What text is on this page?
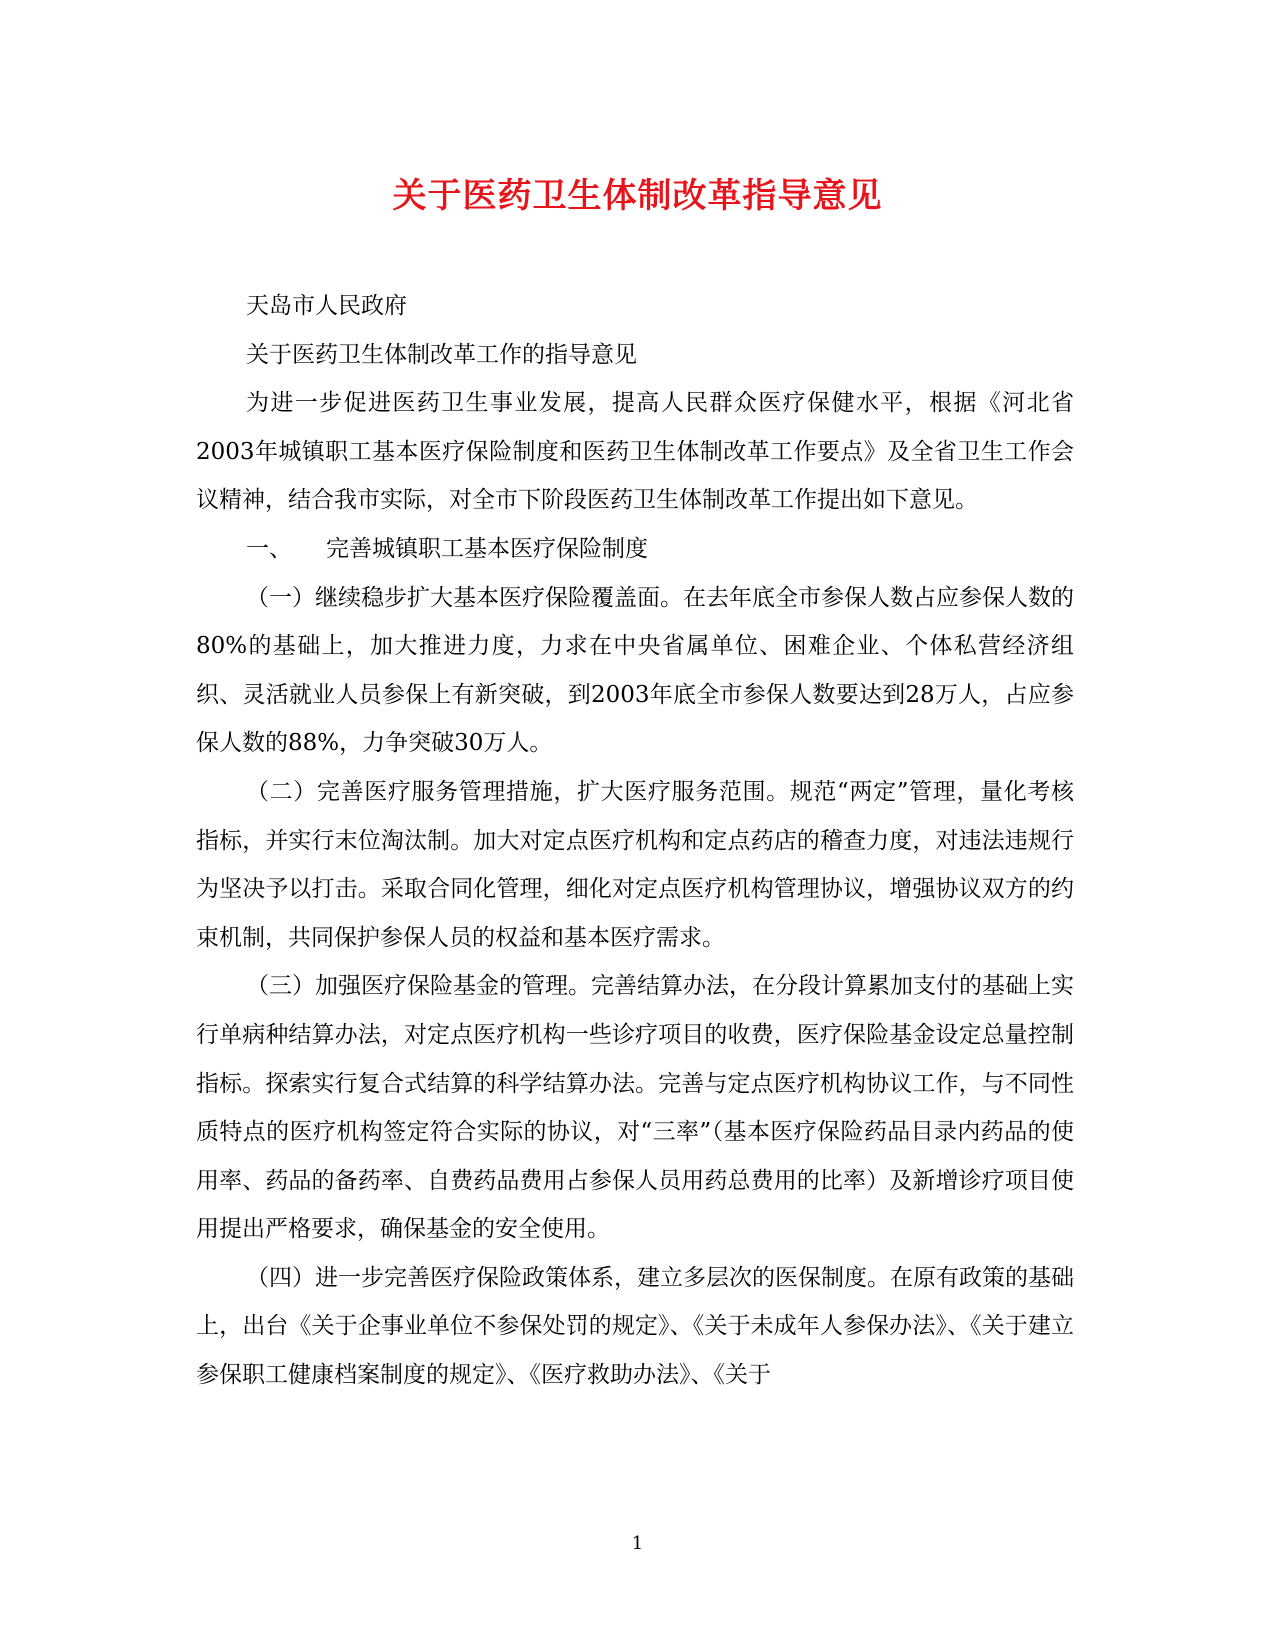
关于医药卫生体制改革指导意见

天岛市人民政府

关于医药卫生体制改革工作的指导意见

为进一步促进医药卫生事业发展，提高人民群众医疗保健水平，根据《河北省2003年城镇职工基本医疗保险制度和医药卫生体制改革工作要点》及全省卫生工作会议精神，结合我市实际，对全市下阶段医药卫生体制改革工作提出如下意见。

一、 完善城镇职工基本医疗保险制度

（一）继续稳步扩大基本医疗保险覆盖面。在去年底全市参保人数占应参保人数的80%的基础上，加大推进力度，力求在中央省属单位、困难企业、个体私营经济组织、灵活就业人员参保上有新突破，到2003年底全市参保人数要达到28万人，占应参保人数的88%，力争突破30万人。

（二）完善医疗服务管理措施，扩大医疗服务范围。规范“两定”管理，量化考核指标，并实行末位淘汰制。加大对定点医疗机构和定点药店的稽查力度，对违法违规行为坚决予以打击。采取合同化管理，细化对定点医疗机构管理协议，增强协议双方的约束机制，共同保护参保人员的权益和基本医疗需求。

（三）加强医疗保险基金的管理。完善结算办法，在分段计算累加支付的基础上实行单病种结算办法，对定点医疗机构一些诊疗项目的收费，医疗保险基金设定总量控制指标。探索实行复合式结算的科学结算办法。完善与定点医疗机构协议工作，与不同性质特点的医疗机构签定符合实际的协议，对“三率”（基本医疗保险药品目录内药品的使用率、药品的备药率、自费药品费用占参保人员用药总费用的比率）及新增诊疗项目使用提出严格要求，确保基金的安全使用。

（四）进一步完善医疗保险政策体系，建立多层次的医保制度。在原有政策的基础上，出台《关于企事业单位不参保处罚的规定》、《关于未成年人参保办法》、《关于建立参保职工健康档案制度的规定》、《医疗救助办法》、《关于

1
